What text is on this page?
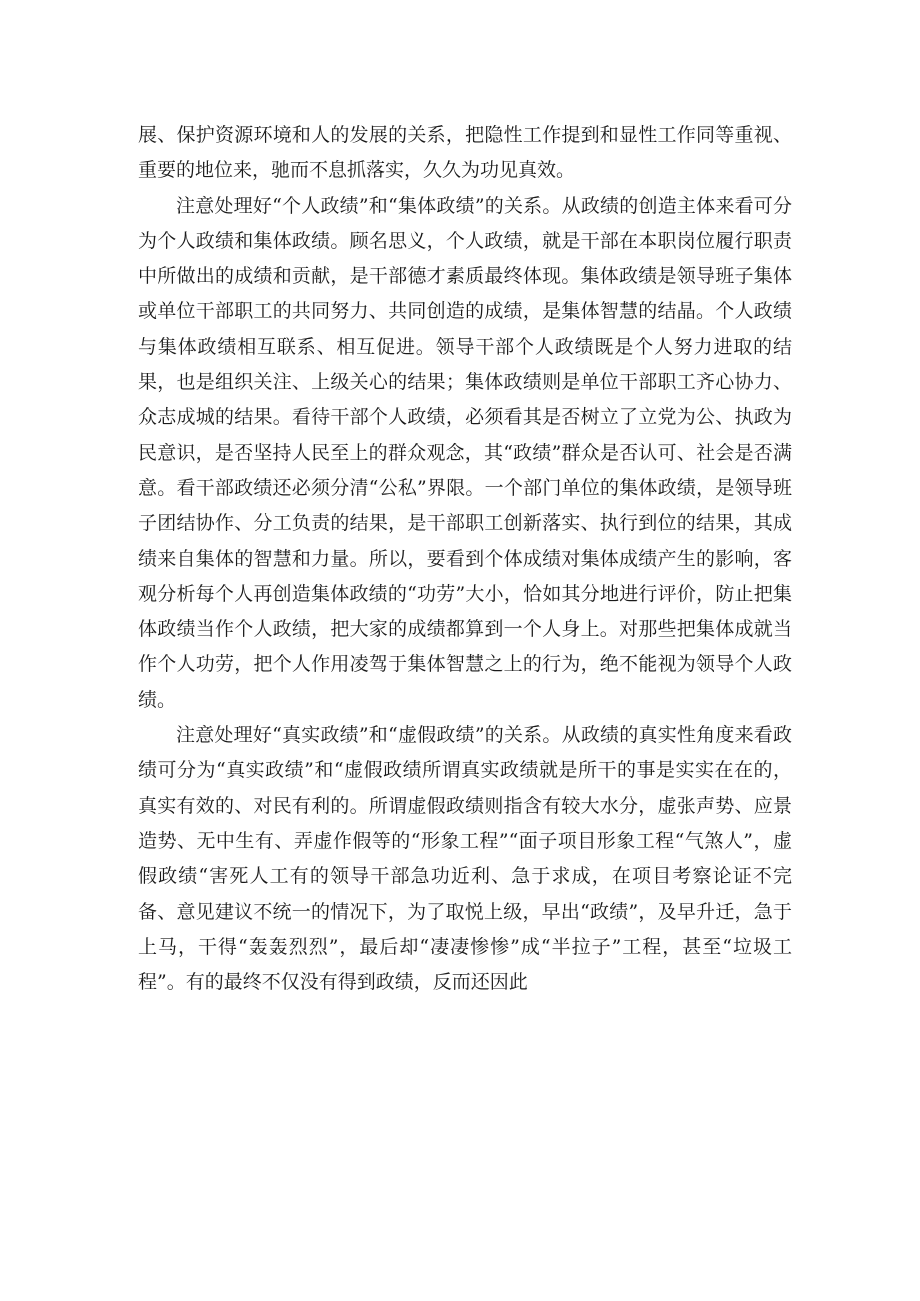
展、保护资源环境和人的发展的关系，把隐性工作提到和显性工作同等重视、重要的地位来，驰而不息抓落实，久久为功见真效。

注意处理好“个人政绩”和“集体政绩”的关系。从政绩的创造主体来看可分为个人政绩和集体政绩。顾名思义，个人政绩，就是干部在本职岗位履行职责中所做出的成绩和贡献，是干部德才素质最终体现。集体政绩是领导班子集体或单位干部职工的共同努力、共同创造的成绩，是集体智慧的结晶。个人政绩与集体政绩相互联系、相互促进。领导干部个人政绩既是个人努力进取的结果，也是组织关注、上级关心的结果；集体政绩则是单位干部职工齐心协力、众志成城的结果。看待干部个人政绩，必须看其是否树立了立党为公、执政为民意识，是否坚持人民至上的群众观念，其“政绩”群众是否认可、社会是否满意。看干部政绩还必须分清“公私”界限。一个部门单位的集体政绩，是领导班子团结协作、分工负责的结果，是干部职工创新落实、执行到位的结果，其成绩来自集体的智慧和力量。所以，要看到个体成绩对集体成绩产生的影响，客观分析每个人再创造集体政绩的“功劳”大小，恰如其分地进行评价，防止把集体政绩当作个人政绩，把大家的成绩都算到一个人身上。对那些把集体成就当作个人功劳，把个人作用凌驾于集体智慧之上的行为，绝不能视为领导个人政绩。

注意处理好“真实政绩”和“虚假政绩”的关系。从政绩的真实性角度来看政绩可分为“真实政绩”和“虚假政绩所谓真实政绩就是所干的事是实实在在的，真实有效的、对民有利的。所谓虚假政绩则指含有较大水分，虚张声势、应景造势、无中生有、弄虚作假等的“形象工程”“面子项目形象工程“气煞人”，虚假政绩“害死人工有的领导干部急功近利、急于求成，在项目考察论证不完备、意见建议不统一的情况下，为了取悦上级，早出“政绩”，及早升迁，急于上马，干得“轰轰烈烈”，最后却“凄凄惨惨”成“半拉子”工程，甚至“垃圾工程”。有的最终不仅没有得到政绩，反而还因此
